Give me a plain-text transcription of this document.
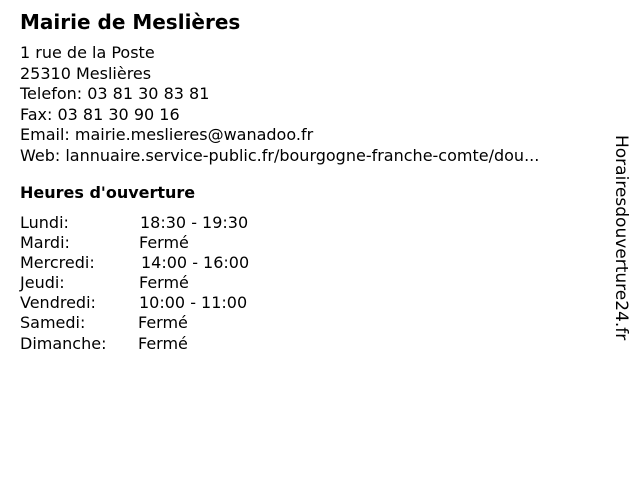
Mairie de Meslières
1 rue de la Poste
25310 Meslières
Telefon: 03 81 30 83 81
Fax: 03 81 30 90 16
Email: mairie.meslieres@wanadoo.fr
Web: lannuaire.service-public.fr/bourgogne-franche-comte/dou...
Heures d'ouverture
Lundi:	18:30 - 19:30
Mardi:	Fermé
Mercredi:	14:00 - 16:00
Jeudi:	Fermé
Vendredi:	10:00 - 11:00
Samedi:	Fermé
Dimanche: Fermé
Horairesdouverture24.fr
